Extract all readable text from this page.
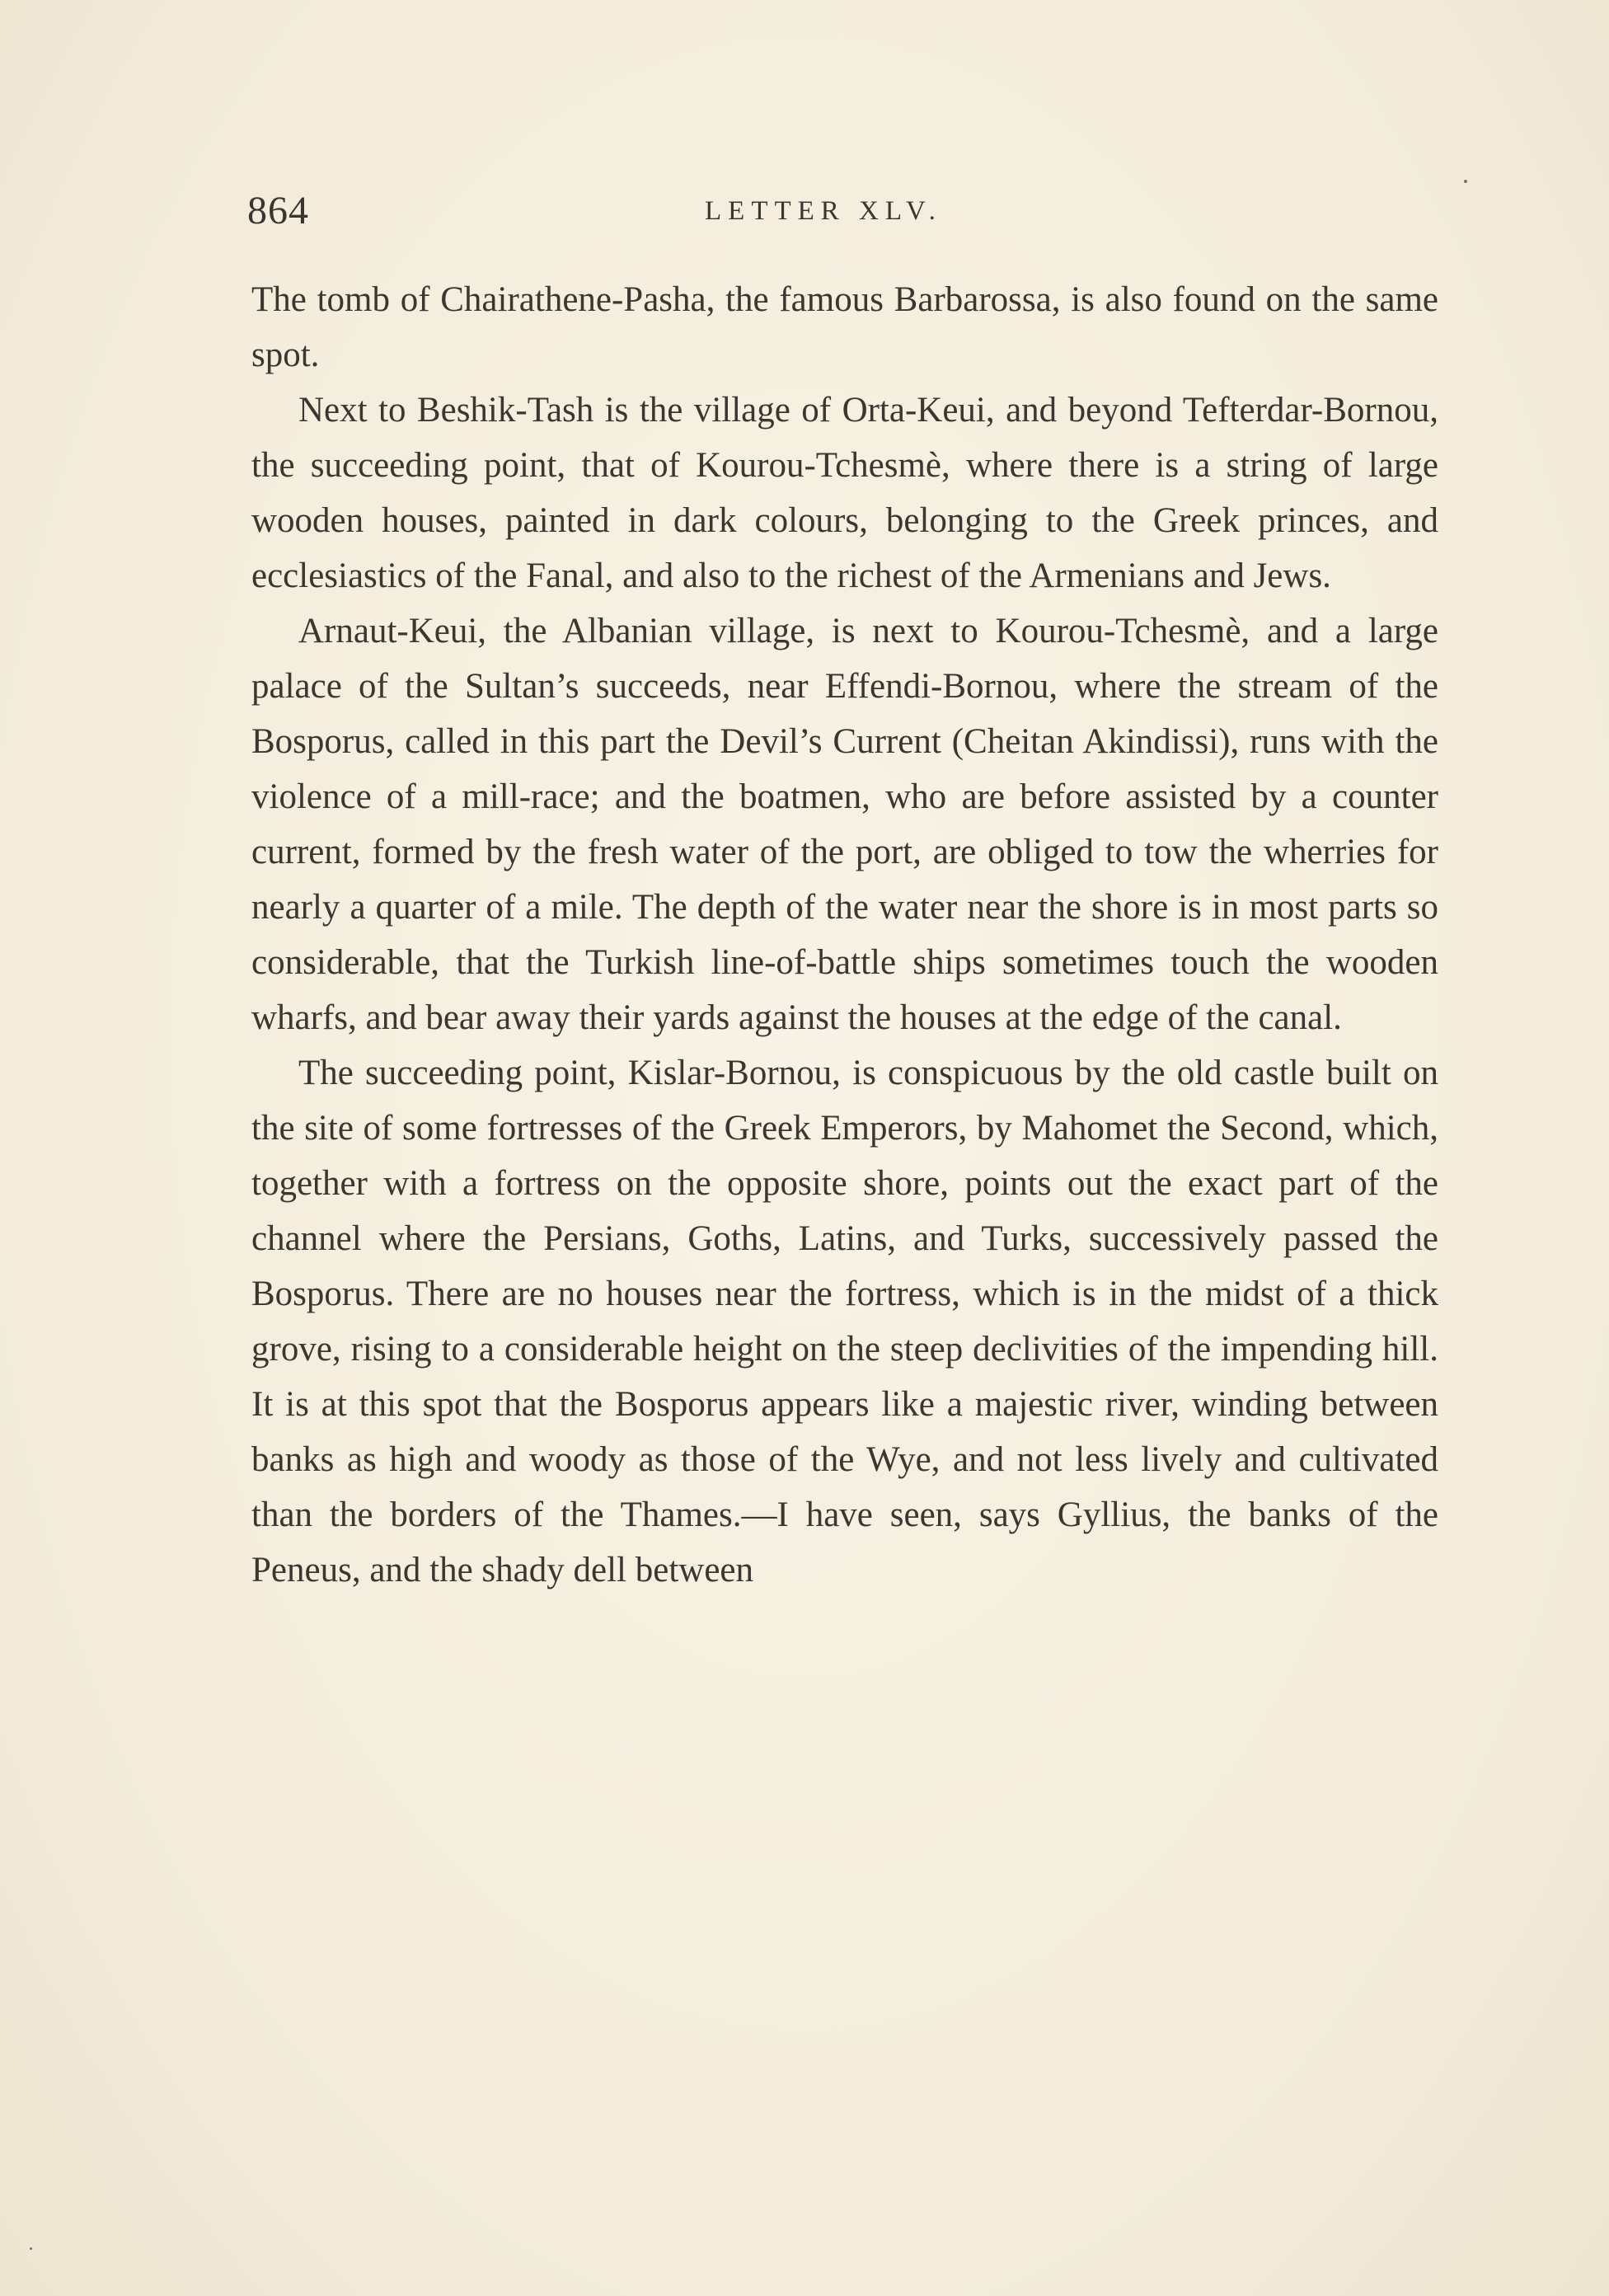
864	LETTER XLV.

The tomb of Chairathene-Pasha, the famous Barbarossa, is also found on the same spot.

Next to Beshik-Tash is the village of Orta-Keui, and beyond Tefterdar-Bornou, the succeeding point, that of Kourou-Tchesmè, where there is a string of large wooden houses, painted in dark colours, belonging to the Greek princes, and ecclesiastics of the Fanal, and also to the richest of the Armenians and Jews.

Arnaut-Keui, the Albanian village, is next to Kourou-Tchesmè, and a large palace of the Sultan’s succeeds, near Effendi-Bornou, where the stream of the Bosporus, called in this part the Devil’s Current (Cheitan Akindissi), runs with the violence of a mill-race; and the boatmen, who are before assisted by a counter current, formed by the fresh water of the port, are obliged to tow the wherries for nearly a quarter of a mile. The depth of the water near the shore is in most parts so considerable, that the Turkish line-of-battle ships sometimes touch the wooden wharfs, and bear away their yards against the houses at the edge of the canal.

The succeeding point, Kislar-Bornou, is conspicuous by the old castle built on the site of some fortresses of the Greek Emperors, by Mahomet the Second, which, together with a fortress on the opposite shore, points out the exact part of the channel where the Persians, Goths, Latins, and Turks, successively passed the Bosporus. There are no houses near the fortress, which is in the midst of a thick grove, rising to a considerable height on the steep declivities of the impending hill. It is at this spot that the Bosporus appears like a majestic river, winding between banks as high and woody as those of the Wye, and not less lively and cultivated than the borders of the Thames.—I have seen, says Gyllius, the banks of the Peneus, and the shady dell between
